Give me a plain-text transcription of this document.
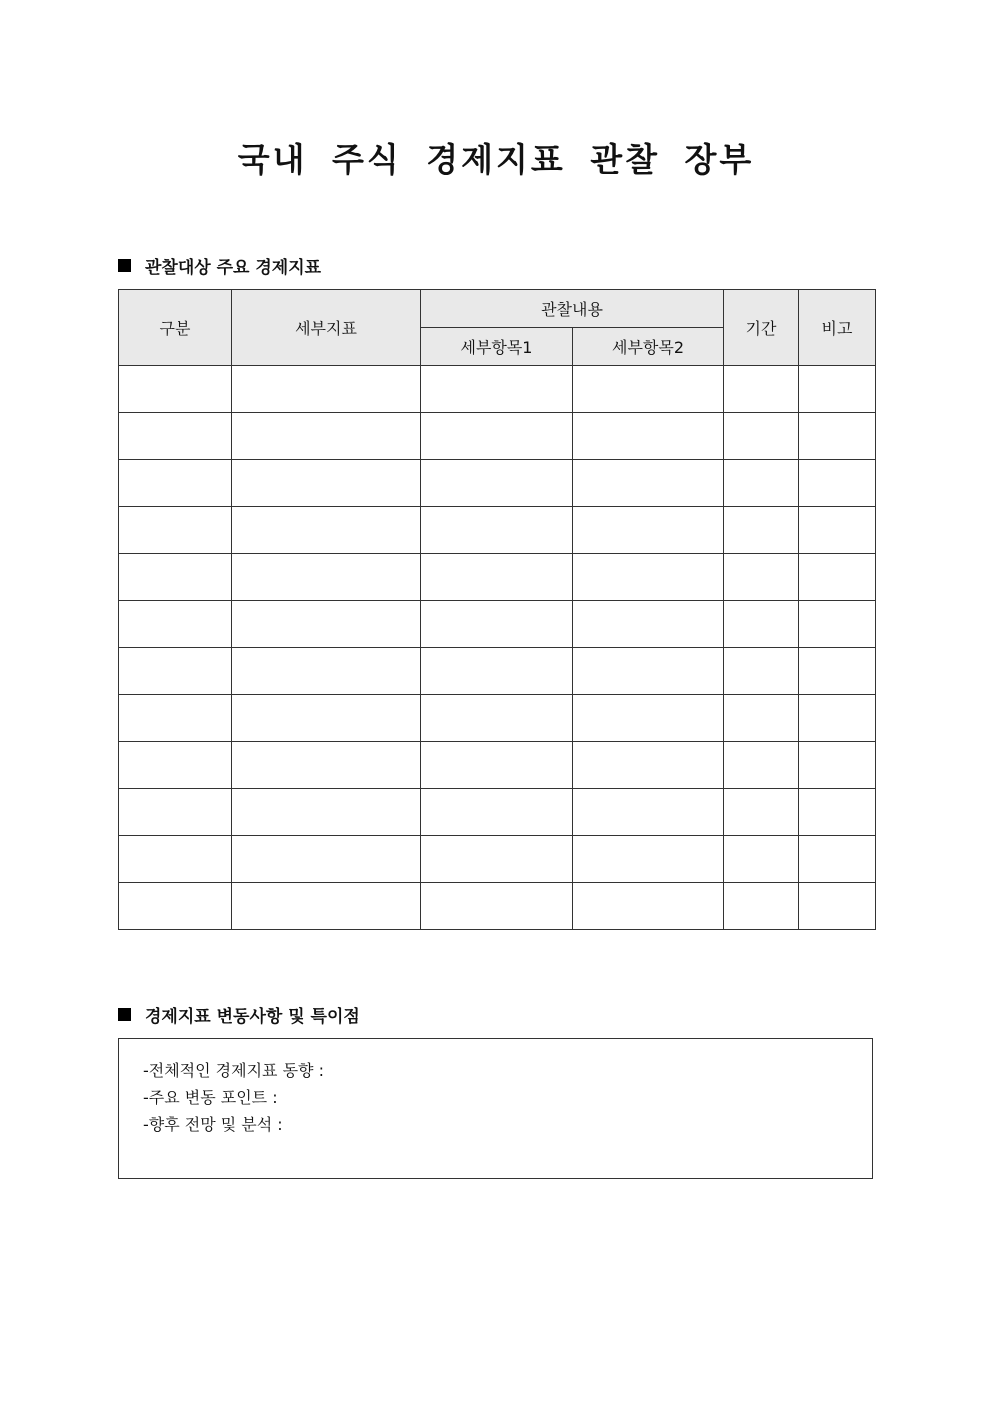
국내 주식 경제지표 관찰 장부
관찰대상 주요 경제지표
구분	세부지표	관찰내용		기간	비고
		세부항목1	세부항목2		

경제지표 변동사항 및 특이점
-전체적인 경제지표 동향 :
-주요 변동 포인트 :
-향후 전망 및 분석 :
